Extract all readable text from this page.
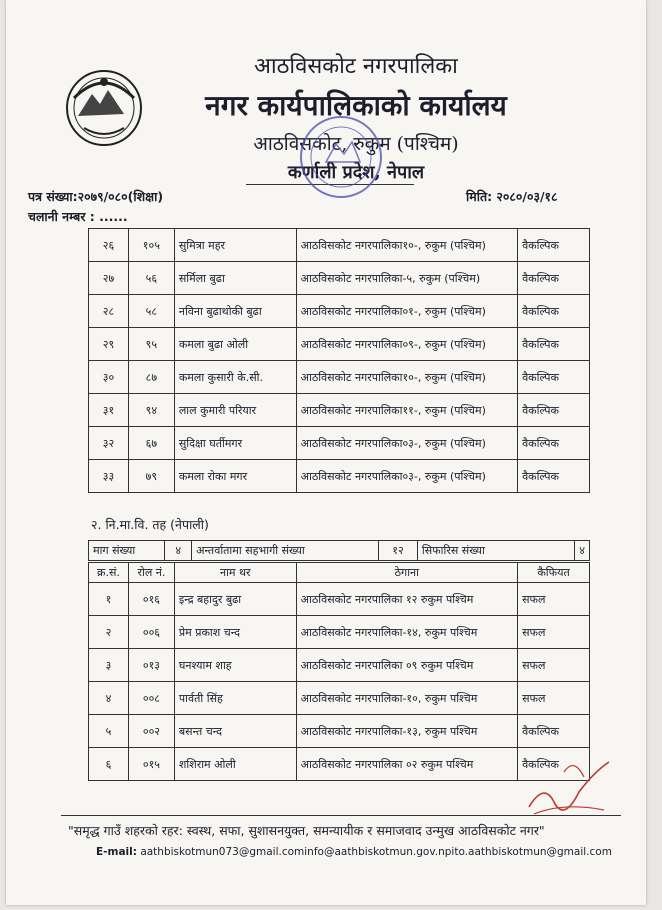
आठविसकोट नगरपालिका
नगर कार्यपालिकाको कार्यालय
आठविसकोट, रुकुम (पश्चिम)
कर्णाली प्रदेश, नेपाल
पत्र संख्या:२०७९/०८०(शिक्षा)	मिति: २०८०/०३/१८
चलानी नम्बर : ......
२६	१०५	सुमित्रा महर	आठविसकोट नगरपालिका१०-, रुकुम (पश्चिम)	वैकल्पिक
२७	५६	सर्मिला बुढा	आठविसकोट नगरपालिका-५, रुकुम (पश्चिम)	वैकल्पिक
२८	५८	नविना बुढाथोकी बुढा	आठविसकोट नगरपालिका०१-, रुकुम (पश्चिम)	वैकल्पिक
२९	९५	कमला बुढा ओली	आठविसकोट नगरपालिका०९-, रुकुम (पश्चिम)	वैकल्पिक
३०	८७	कमला कुसारी के.सी.	आठविसकोट नगरपालिका१०-, रुकुम (पश्चिम)	वैकल्पिक
३१	९४	लाल कुमारी परियार	आठविसकोट नगरपालिका११-, रुकुम (पश्चिम)	वैकल्पिक
३२	६७	सुदिक्षा घर्तीमगर	आठविसकोट नगरपालिका०३-, रुकुम (पश्चिम)	वैकल्पिक
३३	७९	कमला रोका मगर	आठविसकोट नगरपालिका०३-, रुकुम (पश्चिम)	वैकल्पिक
२. नि.मा.वि. तह (नेपाली)
माग संख्या	४	अन्तर्वातामा सहभागी संख्या	१२	सिफारिस संख्या	४
क्र.सं.	रोल नं.	नाम थर	ठेगाना	कैफियत
१	०१६	इन्द्र बहादुर बुढा	आठविसकोट नगरपालिका १२ रुकुम पश्चिम	सफल
२	००६	प्रेम प्रकाश चन्द	आठविसकोट नगरपालिका-१४, रुकुम पश्चिम	सफल
३	०१३	घनश्याम शाह	आठविसकोट नगरपालिका ०९ रुकुम पश्चिम	सफल
४	००८	पार्वती सिंह	आठविसकोट नगरपालिका-१०, रुकुम पश्चिम	सफल
५	००२	बसन्त चन्द	आठविसकोट नगरपालिका-१३, रुकुम पश्चिम	वैकल्पिक
६	०१५	शशिराम ओली	आठविसकोट नगरपालिका ०२ रुकुम पश्चिम	वैकल्पिक
"समृद्ध गाउँ शहरको रहर: स्वस्थ, सफा, सुशासनयुक्त, समन्यायीक र समाजवाद उन्मुख आठविसकोट नगर"
E-mail: aathbiskotmun073@gmail.cominfo@aathbiskotmun.gov.npito.aathbiskotmun@gmail.com
